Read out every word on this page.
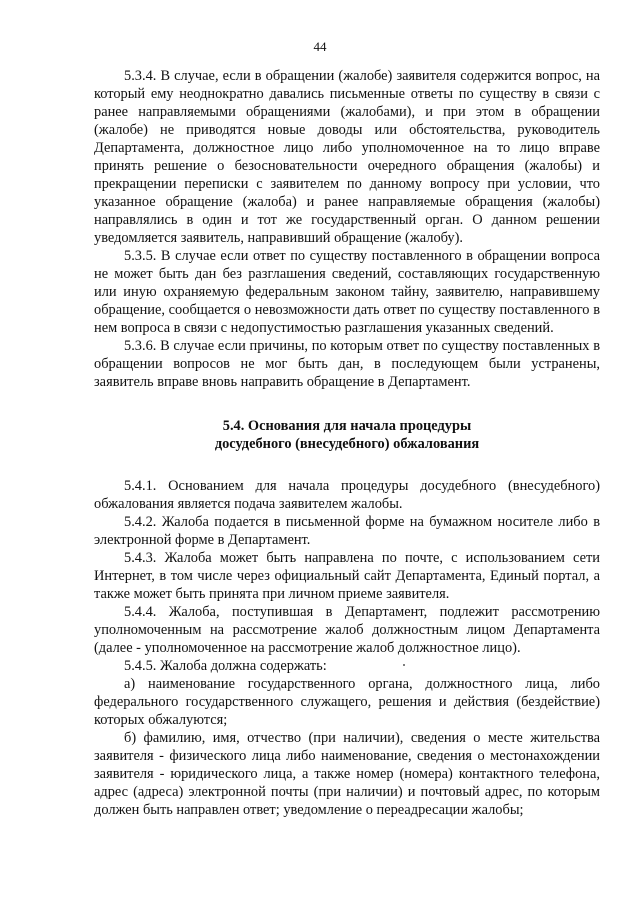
44

5.3.4. В случае, если в обращении (жалобе) заявителя содержится вопрос, на который ему неоднократно давались письменные ответы по существу в связи с ранее направляемыми обращениями (жалобами), и при этом в обращении (жалобе) не приводятся новые доводы или обстоятельства, руководитель Департамента, должностное лицо либо уполномоченное на то лицо вправе принять решение о безосновательности очередного обращения (жалобы) и прекращении переписки с заявителем по данному вопросу при условии, что указанное обращение (жалоба) и ранее направляемые обращения (жалобы) направлялись в один и тот же государственный орган. О данном решении уведомляется заявитель, направивший обращение (жалобу).

5.3.5. В случае если ответ по существу поставленного в обращении вопроса не может быть дан без разглашения сведений, составляющих государственную или иную охраняемую федеральным законом тайну, заявителю, направившему обращение, сообщается о невозможности дать ответ по существу поставленного в нем вопроса в связи с недопустимостью разглашения указанных сведений.

5.3.6. В случае если причины, по которым ответ по существу поставленных в обращении вопросов не мог быть дан, в последующем были устранены, заявитель вправе вновь направить обращение в Департамент.

5.4. Основания для начала процедуры
досудебного (внесудебного) обжалования

5.4.1. Основанием для начала процедуры досудебного (внесудебного) обжалования является подача заявителем жалобы.

5.4.2. Жалоба подается в письменной форме на бумажном носителе либо в электронной форме в Департамент.

5.4.3. Жалоба может быть направлена по почте, с использованием сети Интернет, в том числе через официальный сайт Департамента, Единый портал, а также может быть принята при личном приеме заявителя.

5.4.4. Жалоба, поступившая в Департамент, подлежит рассмотрению уполномоченным на рассмотрение жалоб должностным лицом Департамента (далее - уполномоченное на рассмотрение жалоб должностное лицо).

5.4.5. Жалоба должна содержать:

а) наименование государственного органа, должностного лица, либо федерального государственного служащего, решения и действия (бездействие) которых обжалуются;

б) фамилию, имя, отчество (при наличии), сведения о месте жительства заявителя - физического лица либо наименование, сведения о местонахождении заявителя - юридического лица, а также номер (номера) контактного телефона, адрес (адреса) электронной почты (при наличии) и почтовый адрес, по которым должен быть направлен ответ; уведомление о переадресации жалобы;
